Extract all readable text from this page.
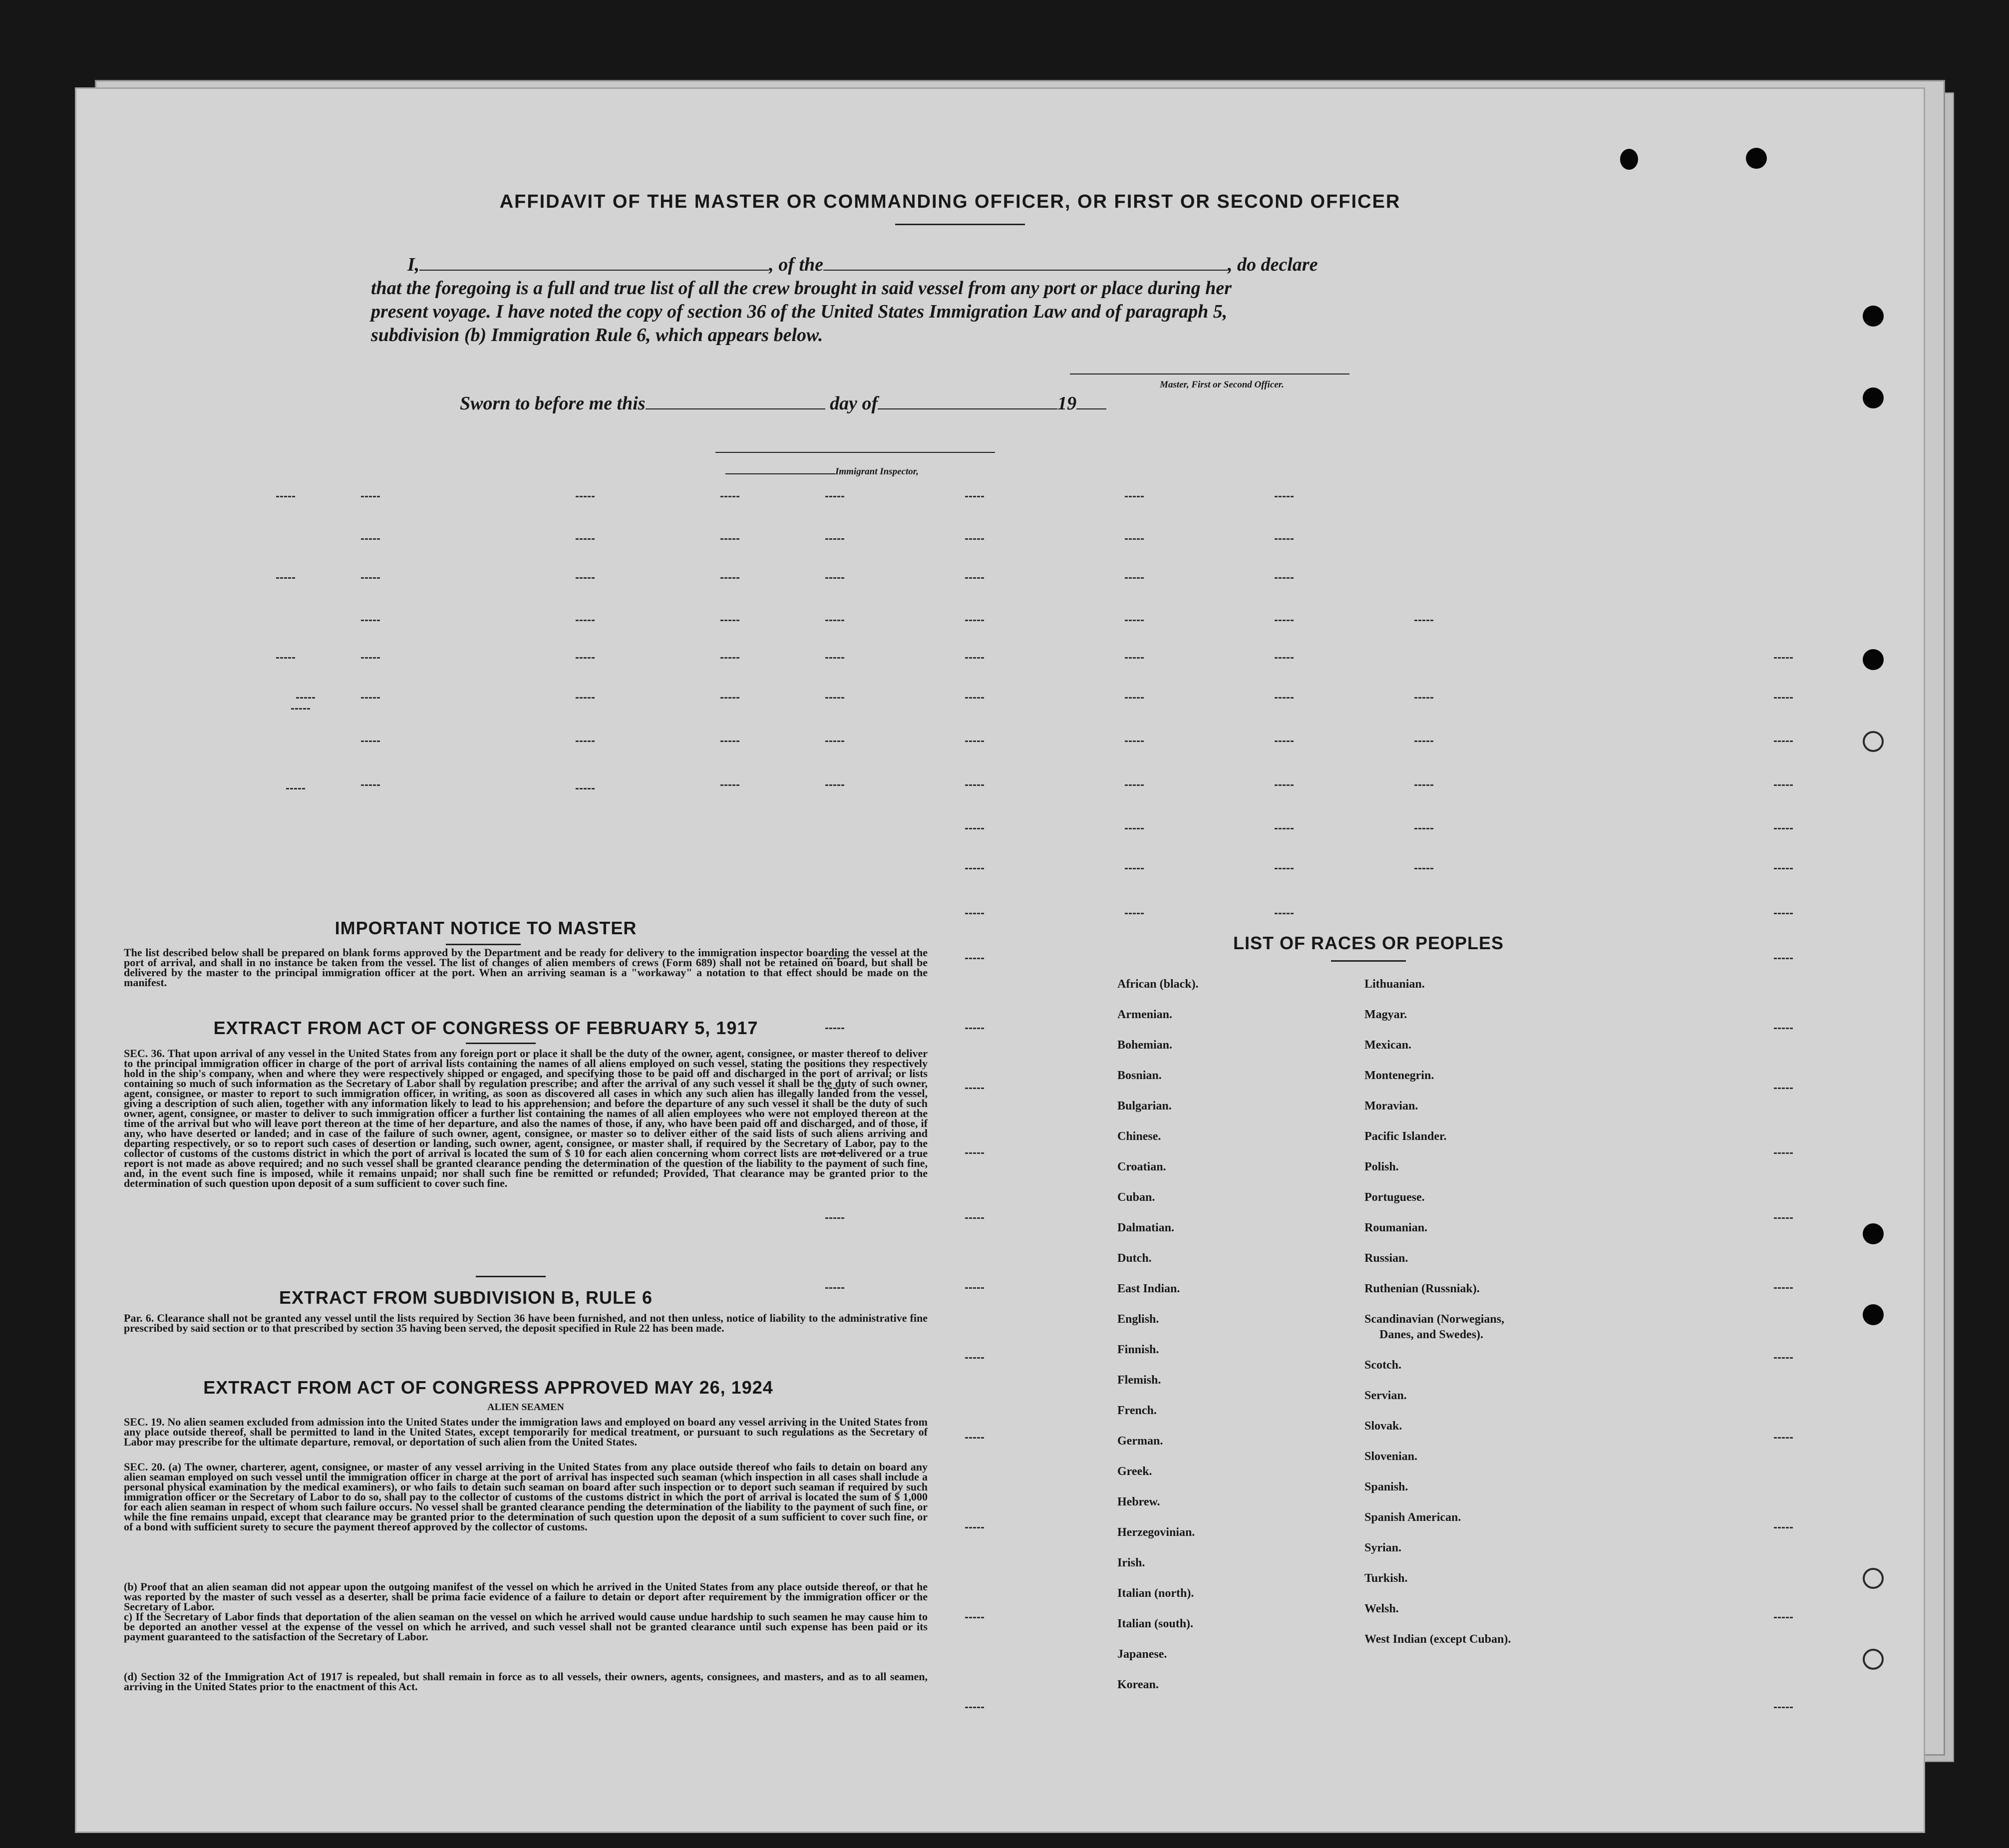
AFFIDAVIT OF THE MASTER OR COMMANDING OFFICER, OR FIRST OR SECOND OFFICER
I,	, of the	, do declare
that the foregoing is a full and true list of all the crew brought in said vessel from any port or place during her
present voyage. I have noted the copy of section 36 of the United States Immigration Law and of paragraph 5,
subdivision (b) Immigration Rule 6, which appears below.
Master, First or Second Officer.
Sworn to before me this	day of	19
Immigrant Inspector,
IMPORTANT NOTICE TO MASTER
The list described below shall be prepared on blank forms approved by the Department and be ready for delivery to the immigration inspector boarding the vessel at the port of arrival, and shall in no instance be taken from the vessel. The list of changes of alien members of crews (Form 689) shall not be retained on board, but shall be delivered by the master to the principal immigration officer at the port. When an arriving seaman is a "workaway" a notation to that effect should be made on the manifest.
EXTRACT FROM ACT OF CONGRESS OF FEBRUARY 5, 1917
SEC. 36. That upon arrival of any vessel in the United States from any foreign port or place it shall be the duty of the owner, agent, consignee, or master thereof to deliver to the principal immigration officer in charge of the port of arrival lists containing the names of all aliens employed on such vessel, stating the positions they respectively hold in the ship's company, when and where they were respectively shipped or engaged, and specifying those to be paid off and discharged in the port of arrival; or lists containing so much of such information as the Secretary of Labor shall by regulation prescribe; and after the arrival of any such vessel it shall be the duty of such owner, agent, consignee, or master to report to such immigration officer, in writing, as soon as discovered all cases in which any such alien has illegally landed from the vessel, giving a description of such alien, together with any information likely to lead to his apprehension; and before the departure of any such vessel it shall be the duty of such owner, agent, consignee, or master to deliver to such immigration officer a further list containing the names of all alien employees who were not employed thereon at the time of the arrival but who will leave port thereon at the time of her departure, and also the names of those, if any, who have been paid off and discharged, and of those, if any, who have deserted or landed; and in case of the failure of such owner, agent, consignee, or master so to deliver either of the said lists of such aliens arriving and departing respectively, or so to report such cases of desertion or landing, such owner, agent, consignee, or master shall, if required by the Secretary of Labor, pay to the collector of customs of the customs district in which the port of arrival is located the sum of $ 10 for each alien concerning whom correct lists are not delivered or a true report is not made as above required; and no such vessel shall be granted clearance pending the determination of the question of the liability to the payment of such fine, and, in the event such fine is imposed, while it remains unpaid; nor shall such fine be remitted or refunded; Provided, That clearance may be granted prior to the determination of such question upon deposit of a sum sufficient to cover such fine.
EXTRACT FROM SUBDIVISION B, RULE 6
Par. 6. Clearance shall not be granted any vessel until the lists required by Section 36 have been furnished, and not then unless, notice of liability to the administrative fine prescribed by said section or to that prescribed by section 35 having been served, the deposit specified in Rule 22 has been made.
EXTRACT FROM ACT OF CONGRESS APPROVED MAY 26, 1924
ALIEN SEAMEN
SEC. 19. No alien seamen excluded from admission into the United States under the immigration laws and employed on board any vessel arriving in the United States from any place outside thereof, shall be permitted to land in the United States, except temporarily for medical treatment, or pursuant to such regulations as the Secretary of Labor may prescribe for the ultimate departure, removal, or deportation of such alien from the United States.
SEC. 20. (a) The owner, charterer, agent, consignee, or master of any vessel arriving in the United States from any place outside thereof who fails to detain on board any alien seaman employed on such vessel until the immigration officer in charge at the port of arrival has inspected such seaman (which inspection in all cases shall include a personal physical examination by the medical examiners), or who fails to detain such seaman on board after such inspection or to deport such seaman if required by such immigration officer or the Secretary of Labor to do so, shall pay to the collector of customs of the customs district in which the port of arrival is located the sum of $ 1,000 for each alien seaman in respect of whom such failure occurs. No vessel shall be granted clearance pending the determination of the liability to the payment of such fine, or while the fine remains unpaid, except that clearance may be granted prior to the determination of such question upon the deposit of a sum sufficient to cover such fine, or of a bond with sufficient surety to secure the payment thereof approved by the collector of customs.
(b) Proof that an alien seaman did not appear upon the outgoing manifest of the vessel on which he arrived in the United States from any place outside thereof, or that he was reported by the master of such vessel as a deserter, shall be prima facie evidence of a failure to detain or deport after requirement by the immigration officer or the Secretary of Labor.
c) If the Secretary of Labor finds that deportation of the alien seaman on the vessel on which he arrived would cause undue hardship to such seamen he may cause him to be deported an another vessel at the expense of the vessel on which he arrived, and such vessel shall not be granted clearance until such expense has been paid or its payment guaranteed to the satisfaction of the Secretary of Labor.
(d) Section 32 of the Immigration Act of 1917 is repealed, but shall remain in force as to all vessels, their owners, agents, consignees, and masters, and as to all seamen, arriving in the United States prior to the enactment of this Act.
LIST OF RACES OR PEOPLES
African (black).
Armenian.
Bohemian.
Bosnian.
Bulgarian.
Chinese.
Croatian.
Cuban.
Dalmatian.
Dutch.
East Indian.
English.
Finnish.
Flemish.
French.
German.
Greek.
Hebrew.
Herzegovinian.
Irish.
Italian (north).
Italian (south).
Japanese.
Korean.
Lithuanian.
Magyar.
Mexican.
Montenegrin.
Moravian.
Pacific Islander.
Polish.
Portuguese.
Roumanian.
Russian.
Ruthenian (Russniak).
Scandinavian (Norwegians,
Danes, and Swedes).
Scotch.
Servian.
Slovak.
Slovenian.
Spanish.
Spanish American.
Syrian.
Turkish.
Welsh.
West Indian (except Cuban).
